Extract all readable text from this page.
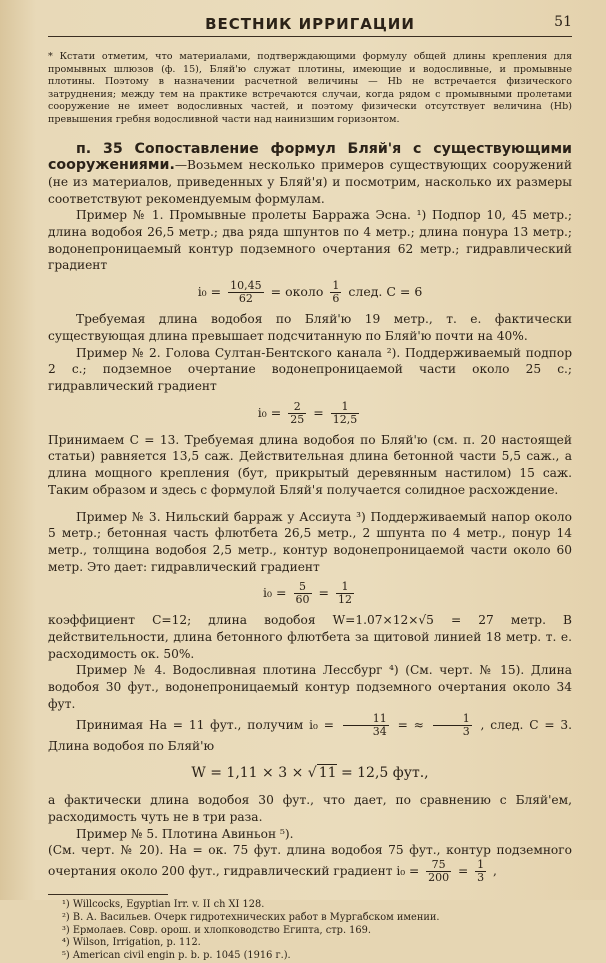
ВЕСТНИК ИРРИГАЦИИ	51

* Кстати отметим, что материалами, подтверждающими формулу общей длины крепления для промывных шлюзов (ф. 15), Бляй'ю служат плотины, имеющие и водосливные, и промывные плотины. Поэтому в назначении расчетной величины — Hb не встречается физического затруднения; между тем на практике встречаются случаи, когда рядом с промывными пролетами сооружение не имеет водосливных частей, и поэтому физически отсутствует величина (Hb) превышения гребня водосливной части над наинизшим горизонтом.

п. 35 Сопоставление формул Бляй'я с существующими сооружениями.—Возьмем несколько примеров существующих сооружений (не из материалов, приведенных у Бляй'я) и посмотрим, насколько их размеры соответствуют рекомендуемым формулам.

Пример № 1. Промывные пролеты Барража Эсна. ¹) Подпор 10, 45 метр.; длина водобоя 26,5 метр.; два ряда шпунтов по 4 метр.; длина понура 13 метр.; водонепроницаемый контур подземного очертания 62 метр.; гидравлический градиент

$i_0 = \frac{10,45}{62}$ = около $\frac{1}{6}$ след. C = 6

Требуемая длина водобоя по Бляй'ю 19 метр., т. е. фактически существующая длина превышает подсчитанную по Бляй'ю почти на 40%.

Пример № 2. Голова Султан-Бентского канала ²). Поддерживаемый подпор 2 с.; подземное очертание водонепроницаемой части около 25 с.; гидравлический градиент

$i_0 = \frac{2}{25} = \frac{1}{12,5}$

Принимаем C = 13. Требуемая длина водобоя по Бляй'ю (см. п. 20 настоящей статьи) равняется 13,5 саж. Действительная длина бетонной части 5,5 саж., а длина мощного крепления (бут, прикрытый деревянным настилом) 15 саж. Таким образом и здесь с формулой Бляй'я получается солидное расхождение.

Пример № 3. Нильский барраж у Ассиута ³) Поддерживаемый напор около 5 метр.; бетонная часть флютбета 26,5 метр., 2 шпунта по 4 метр., понур 14 метр., толщина водобоя 2,5 метр., контур водонепроницаемой части около 60 метр. Это дает: гидравлический градиент

$i_0 = \frac{5}{60} = \frac{1}{12}$

коэффициент C=12; длина водобоя W=1.07×12×√5 = 27 метр. В действительности, длина бетонного флютбета за щитовой линией 18 метр. т. е. расходимость ок. 50%.

Пример № 4. Водосливная плотина Лессбург ⁴) (См. черт. № 15). Длина водобоя 30 фут., водонепроницаемый контур подземного очертания около 34 фут.

Принимая Ha = 11 фут., получим $i_0 = \frac{11}{34}$ = ≈ $\frac{1}{3}$ , след. C = 3. Длина водобоя по Бляй'ю

W = 1,11 × 3 × √ 11 = 12,5 фут.,

а фактически длина водобоя 30 фут., что дает, по сравнению с Бляй'ем, расходимость чуть не в три раза.

Пример № 5. Плотина Авиньон ⁵).

(См. черт. № 20). Ha = ок. 75 фут. длина водобоя 75 фут., контур подземного очертания около 200 фут., гидравлический градиент $i_0 = \frac{75}{200} = \frac{1}{3}$ ,

¹) Willcocks, Egyptian Irr. v. II ch XI 128.
²) В. А. Васильев. Очерк гидротехнических работ в Мургабском имении.
³) Ермолаев. Совр. орош. и хлопководство Египта, стр. 169.
⁴) Wilson, Irrigation, p. 112.
⁵) American civil engin p. b. p. 1045 (1916 г.).
